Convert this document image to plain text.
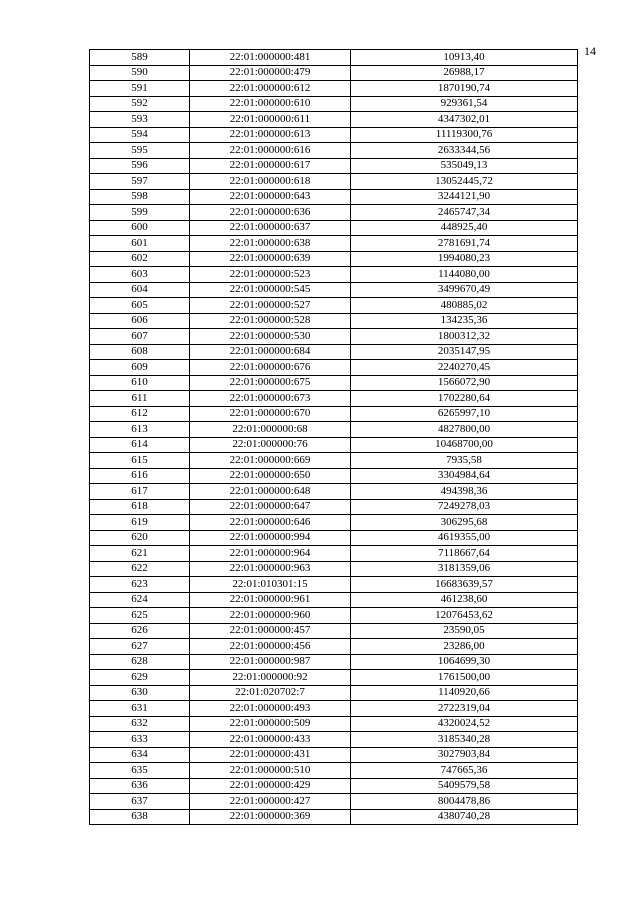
14
589	22:01:000000:481	10913,40
590	22:01:000000:479	26988,17
591	22:01:000000:612	1870190,74
592	22:01:000000:610	929361,54
593	22:01:000000:611	4347302,01
594	22:01:000000:613	11119300,76
595	22:01:000000:616	2633344,56
596	22:01:000000:617	535049,13
597	22:01:000000:618	13052445,72
598	22:01:000000:643	3244121,90
599	22:01:000000:636	2465747,34
600	22:01:000000:637	448925,40
601	22:01:000000:638	2781691,74
602	22:01:000000:639	1994080,23
603	22:01:000000:523	1144080,00
604	22:01:000000:545	3499670,49
605	22:01:000000:527	480885,02
606	22:01:000000:528	134235,36
607	22:01:000000:530	1800312,32
608	22:01:000000:684	2035147,95
609	22:01:000000:676	2240270,45
610	22:01:000000:675	1566072,90
611	22:01:000000:673	1702280,64
612	22:01:000000:670	6265997,10
613	22:01:000000:68	4827800,00
614	22:01:000000:76	10468700,00
615	22:01:000000:669	7935,58
616	22:01:000000:650	3304984,64
617	22:01:000000:648	494398,36
618	22:01:000000:647	7249278,03
619	22:01:000000:646	306295,68
620	22:01:000000:994	4619355,00
621	22:01:000000:964	7118667,64
622	22:01:000000:963	3181359,06
623	22:01:010301:15	16683639,57
624	22:01:000000:961	461238,60
625	22:01:000000:960	12076453,62
626	22:01:000000:457	23590,05
627	22:01:000000:456	23286,00
628	22:01:000000:987	1064699,30
629	22:01:000000:92	1761500,00
630	22:01:020702:7	1140920,66
631	22:01:000000:493	2722319,04
632	22:01:000000:509	4320024,52
633	22:01:000000:433	3185340,28
634	22:01:000000:431	3027903,84
635	22:01:000000:510	747665,36
636	22:01:000000:429	5409579,58
637	22:01:000000:427	8004478,86
638	22:01:000000:369	4380740,28
